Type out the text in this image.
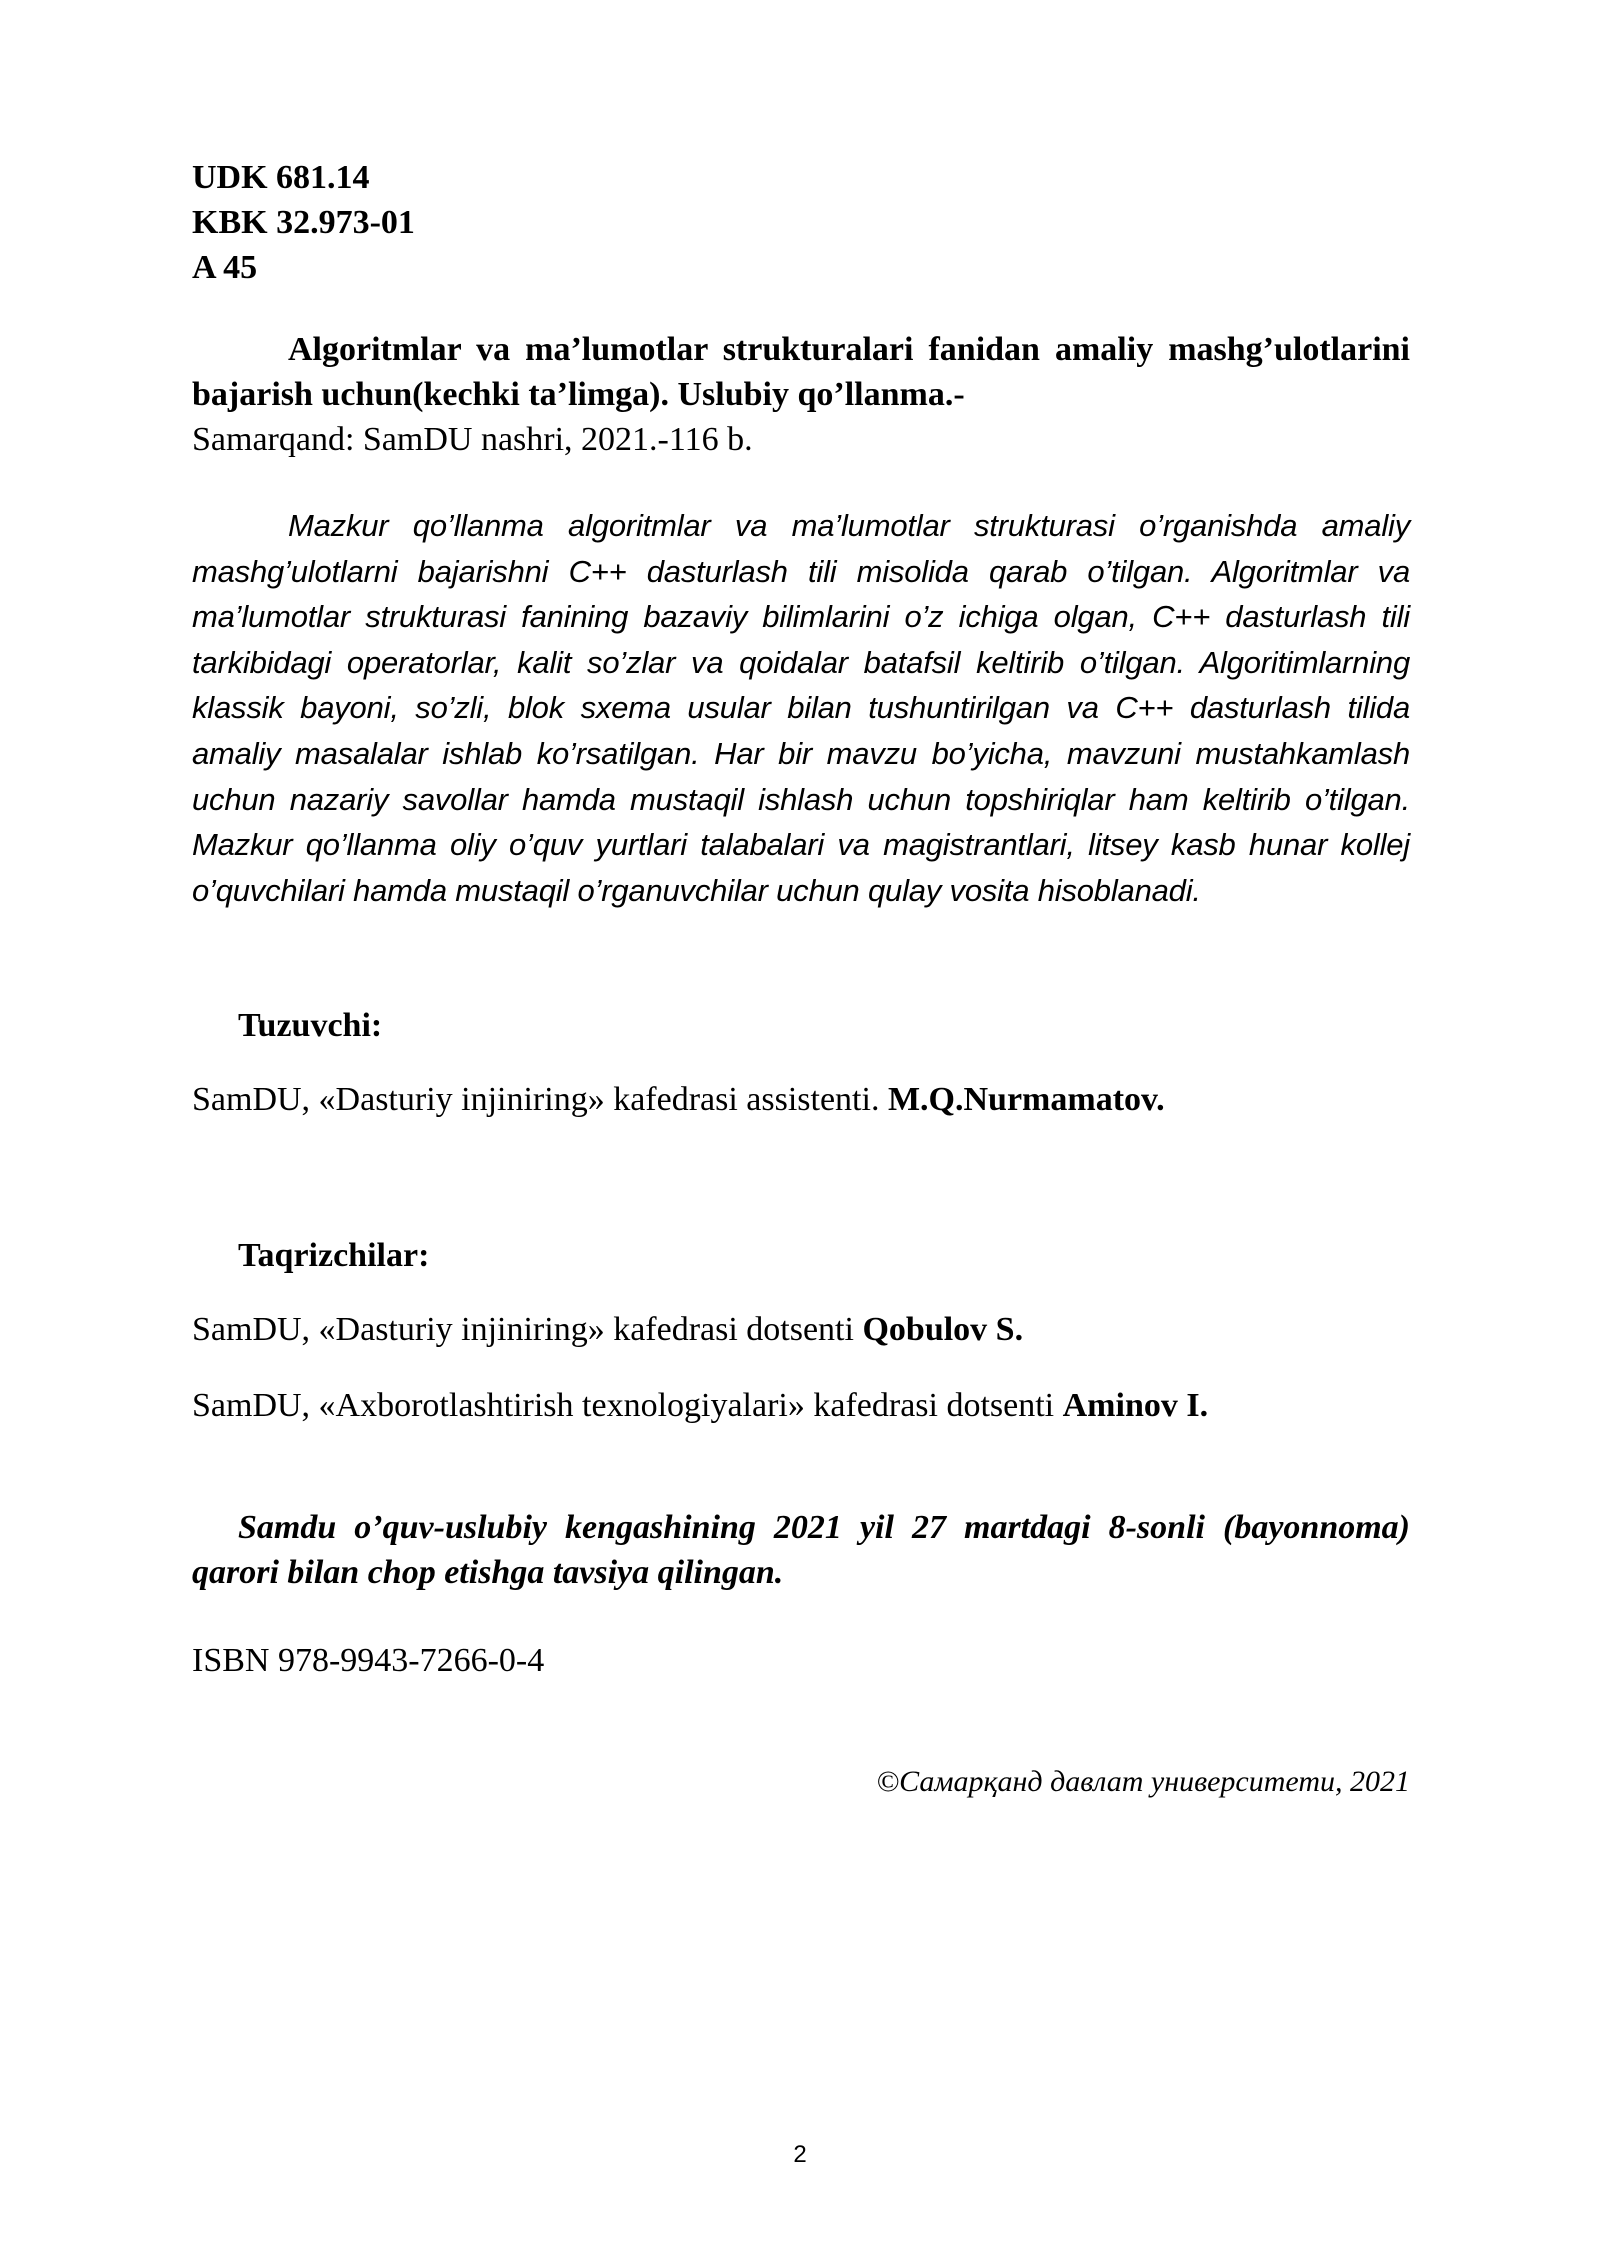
UDK 681.14
KBK 32.973-01
A 45
Algoritmlar va ma’lumotlar strukturalari fanidan amaliy mashg’ulotlarini bajarish uchun(kechki ta’limga). Uslubiy qo’llanma.-
Samarqand: SamDU nashri, 2021.-116 b.
Mazkur qo’llanma algoritmlar va ma’lumotlar strukturasi o’rganishda amaliy mashg’ulotlarni bajarishni C++ dasturlash tili misolida qarab o’tilgan. Algoritmlar va ma’lumotlar strukturasi fanining bazaviy bilimlarini o’z ichiga olgan, C++ dasturlash tili tarkibidagi operatorlar, kalit so’zlar va qoidalar batafsil keltirib o’tilgan. Algoritimlarning klassik bayoni, so’zli, blok sxema usular bilan tushuntirilgan va C++ dasturlash tilida amaliy masalalar ishlab ko’rsatilgan. Har bir mavzu bo’yicha, mavzuni mustahkamlash uchun nazariy savollar hamda mustaqil ishlash uchun topshiriqlar ham keltirib o’tilgan. Mazkur qo’llanma oliy o’quv yurtlari talabalari va magistrantlari, litsey kasb hunar kollej o’quvchilari hamda mustaqil o’rganuvchilar uchun qulay vosita hisoblanadi.
Tuzuvchi:
SamDU, «Dasturiy injiniring» kafedrasi assistenti. M.Q.Nurmamatov.
Taqrizchilar:
SamDU, «Dasturiy injiniring» kafedrasi dotsenti Qobulov S.
SamDU, «Axborotlashtirish texnologiyalari» kafedrasi dotsenti Aminov I.
Samdu o’quv-uslubiy kengashining 2021 yil 27 martdagi 8-sonli (bayonnoma) qarori bilan chop etishga tavsiya qilingan.
ISBN 978-9943-7266-0-4
©Самарқанд давлат университети, 2021
2
